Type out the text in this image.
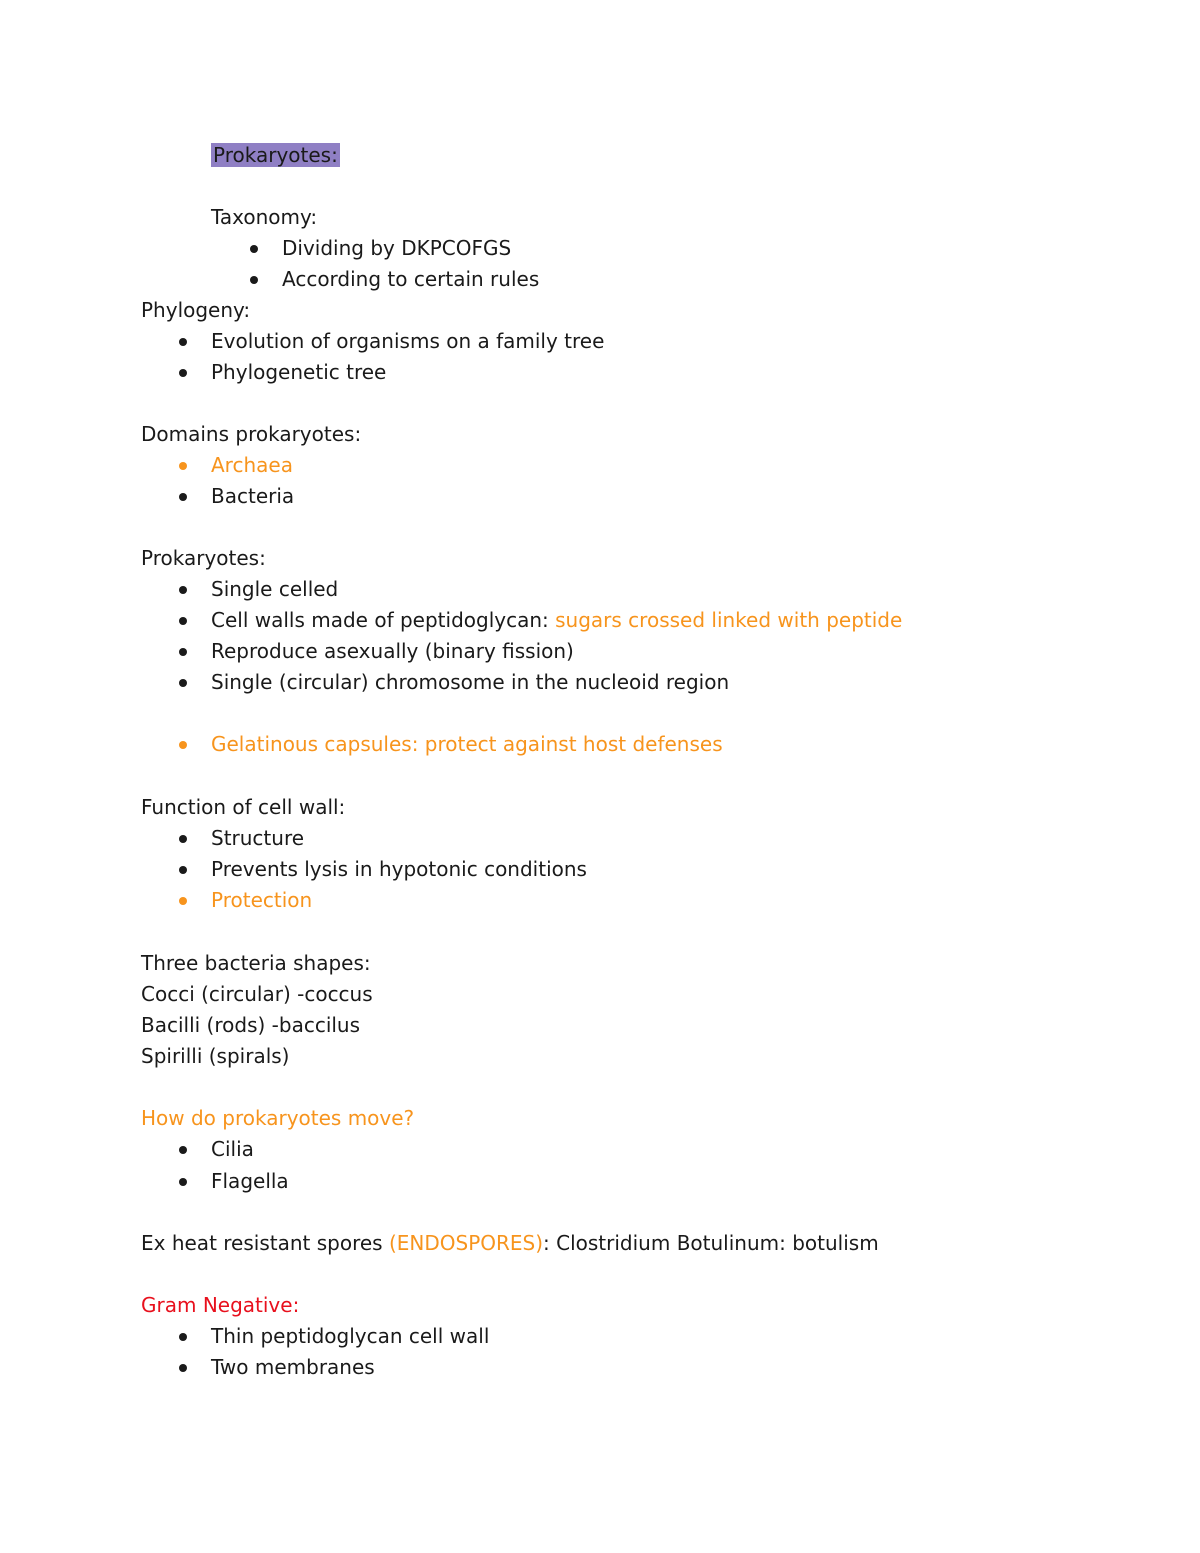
Prokaryotes:
Taxonomy:
Dividing by DKPCOFGS
According to certain rules
Phylogeny:
Evolution of organisms on a family tree
Phylogenetic tree
Domains prokaryotes:
Archaea
Bacteria
Prokaryotes:
Single celled
Cell walls made of peptidoglycan: sugars crossed linked with peptide
Reproduce asexually (binary fission)
Single (circular) chromosome in the nucleoid region
Gelatinous capsules: protect against host defenses
Function of cell wall:
Structure
Prevents lysis in hypotonic conditions
Protection
Three bacteria shapes:
Cocci (circular) -coccus
Bacilli (rods) -baccilus
Spirilli (spirals)
How do prokaryotes move?
Cilia
Flagella
Ex heat resistant spores (ENDOSPORES): Clostridium Botulinum: botulism
Gram Negative:
Thin peptidoglycan cell wall
Two membranes
